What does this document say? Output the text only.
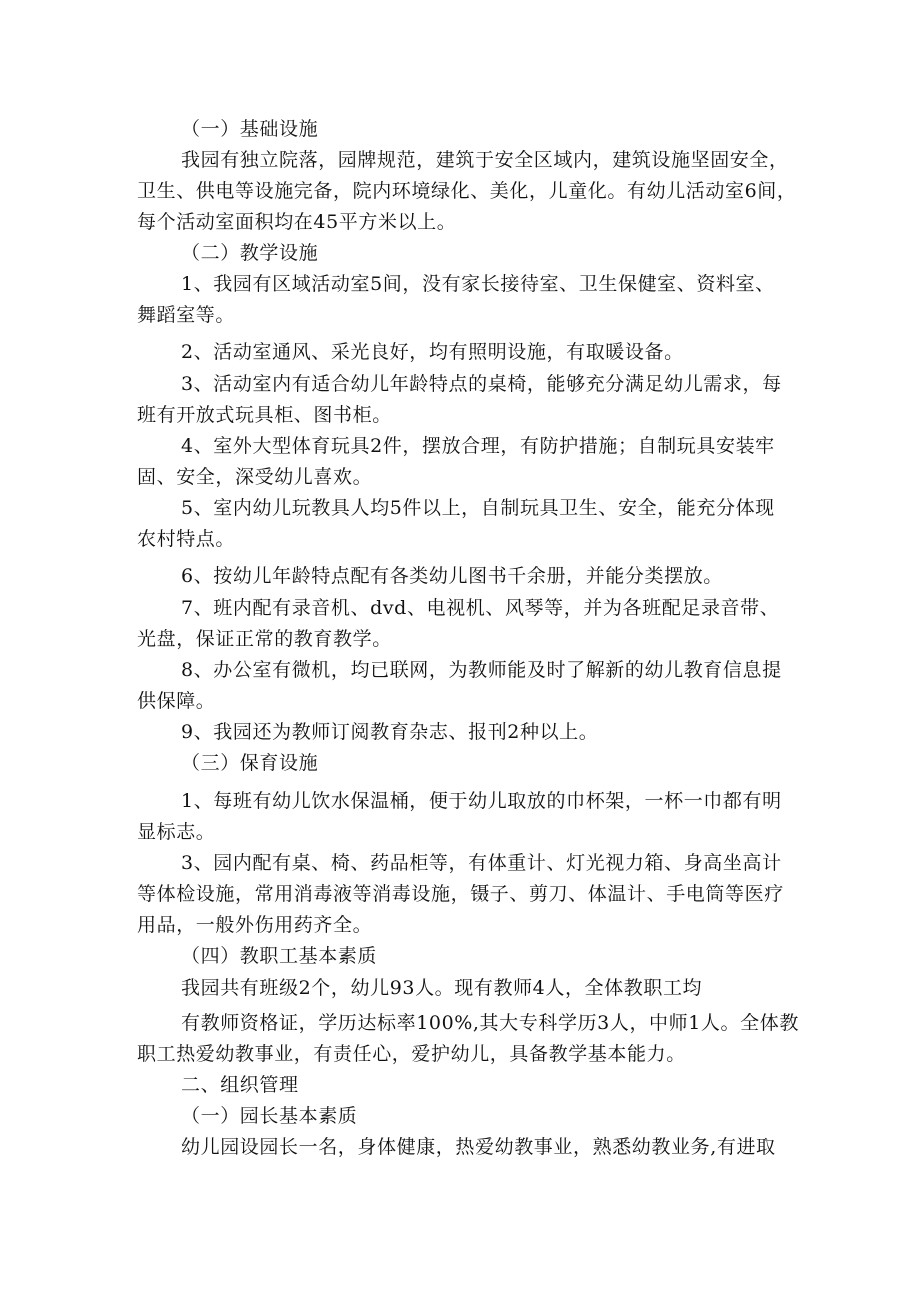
（一）基础设施
我园有独立院落，园牌规范，建筑于安全区域内，建筑设施坚固安全，
卫生、供电等设施完备，院内环境绿化、美化，儿童化。有幼儿活动室6间，
每个活动室面积均在45平方米以上。
（二）教学设施
1、我园有区域活动室5间，没有家长接待室、卫生保健室、资料室、
舞蹈室等。
2、活动室通风、采光良好，均有照明设施，有取暖设备。
3、活动室内有适合幼儿年龄特点的桌椅，能够充分满足幼儿需求，每
班有开放式玩具柜、图书柜。
4、室外大型体育玩具2件，摆放合理，有防护措施；自制玩具安装牢
固、安全，深受幼儿喜欢。
5、室内幼儿玩教具人均5件以上，自制玩具卫生、安全，能充分体现
农村特点。
6、按幼儿年龄特点配有各类幼儿图书千余册，并能分类摆放。
7、班内配有录音机、dvd、电视机、风琴等，并为各班配足录音带、
光盘，保证正常的教育教学。
8、办公室有微机，均已联网，为教师能及时了解新的幼儿教育信息提
供保障。
9、我园还为教师订阅教育杂志、报刊2种以上。
（三）保育设施
1、每班有幼儿饮水保温桶，便于幼儿取放的巾杯架，一杯一巾都有明
显标志。
3、园内配有桌、椅、药品柜等，有体重计、灯光视力箱、身高坐高计
等体检设施，常用消毒液等消毒设施，镊子、剪刀、体温计、手电筒等医疗
用品，一般外伤用药齐全。
（四）教职工基本素质
我园共有班级2个，幼儿93人。现有教师4人，全体教职工均
有教师资格证，学历达标率100%,其大专科学历3人，中师1人。全体教
职工热爱幼教事业，有责任心，爱护幼儿，具备教学基本能力。
二、组织管理
（一）园长基本素质
幼儿园设园长一名，身体健康，热爱幼教事业，熟悉幼教业务,有进取
